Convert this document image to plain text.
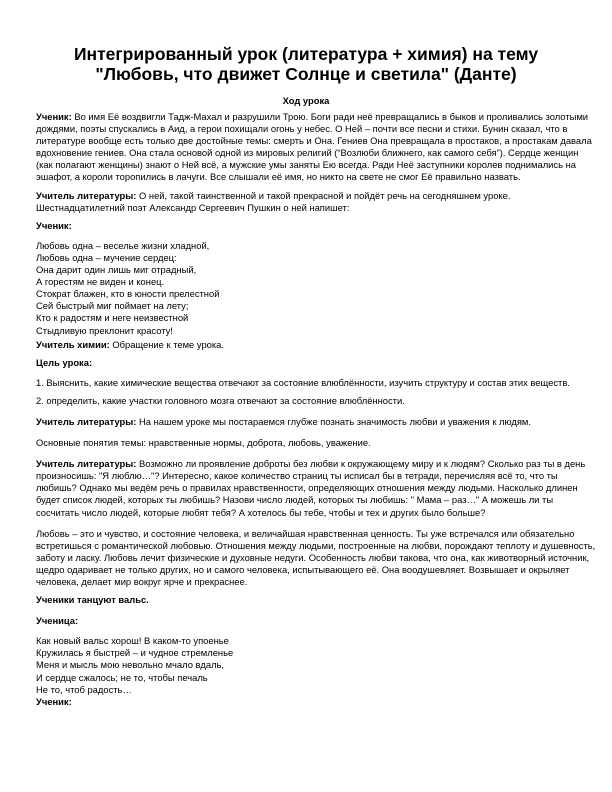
Интегрированный урок (литература + химия) на тему
"Любовь, что движет Солнце и светила" (Данте)
Ход урока

Ученик: Во имя Её воздвигли Тадж-Махал и разрушили Трою. Боги ради неё превращались в быков и проливались золотыми дождями, поэты спускались в Аид, а герои похищали огонь у небес. О Ней – почти все песни и стихи. Бунин сказал, что в литературе вообще есть только две достойные темы: смерть и Она. Гениев Она превращала в простаков, а простакам давала вдохновение гениев. Она стала основой одной из мировых религий (“Возлюби ближнего, как самого себя”). Сердце женщин (как полагают женщины) знают о Ней всё, а мужские умы заняты Ею всегда. Ради Неё заступники королев поднимались на эшафот, а короли торопились в лачуги. Все слышали её имя, но никто на свете не смог Её правильно назвать.

Учитель литературы: О ней, такой таинственной и такой прекрасной и пойдёт речь на сегодняшнем уроке. Шестнадцатилетний поэт Александр Сергеевич Пушкин о ней напишет:

Ученик:

Любовь одна – веселье жизни хладной,
Любовь одна – мучение сердец:
Она дарит один лишь миг отрадный,
А горестям не виден и конец.
Стократ блажен, кто в юности прелестной
Сей быстрый миг поймает на лету;
Кто к радостям и неге неизвестной
Стыдливую преклонит красоту!

Учитель химии: Обращение к теме урока.

Цель урока:

1. Выяснить, какие химические вещества отвечают за состояние влюблённости, изучить структуру и состав этих веществ.

2. определить, какие участки головного мозга отвечают за состояние влюблённости.

Учитель литературы: На нашем уроке мы постараемся глубже познать значимость любви и уважения к людям.

Основные понятия темы: нравственные нормы, доброта, любовь, уважение.

Учитель литературы: Возможно ли проявление доброты без любви к окружающему миру и к людям? Сколько раз ты в день произносишь: "Я люблю…"? Интересно, какое количество страниц ты исписал бы в тетради, перечисляя всё то, что ты любишь? Однако мы ведём речь о правилах нравственности, определяющих отношения между людьми. Насколько длинен будет список людей, которых ты любишь? Назови число людей, которых ты любишь: " Мама – раз…" А можешь ли ты сосчитать число людей, которые любят тебя? А хотелось бы тебе, чтобы и тех и других было больше?

Любовь – это и чувство, и состояние человека, и величайшая нравственная ценность. Ты уже встречался или обязательно встретишься с романтической любовью. Отношения между людьми, построенные на любви, порождают теплоту и душевность, заботу и ласку. Любовь лечит физические и духовные недуги. Особенность любви такова, что она, как животворный источник, щедро одаривает не только других, но и самого человека, испытывающего её. Она воодушевляет. Возвышает и окрыляет человека, делает мир вокруг ярче и прекраснее.

Ученики танцуют вальс.

Ученица:

Как новый вальс хорош! В каком-то упоенье
Кружилась я быстрей – и чудное стремленье
Меня и мысль мою невольно мчало вдаль,
И сердце сжалось; не то, чтобы печаль
Не то, чтоб радость…

Ученик:
